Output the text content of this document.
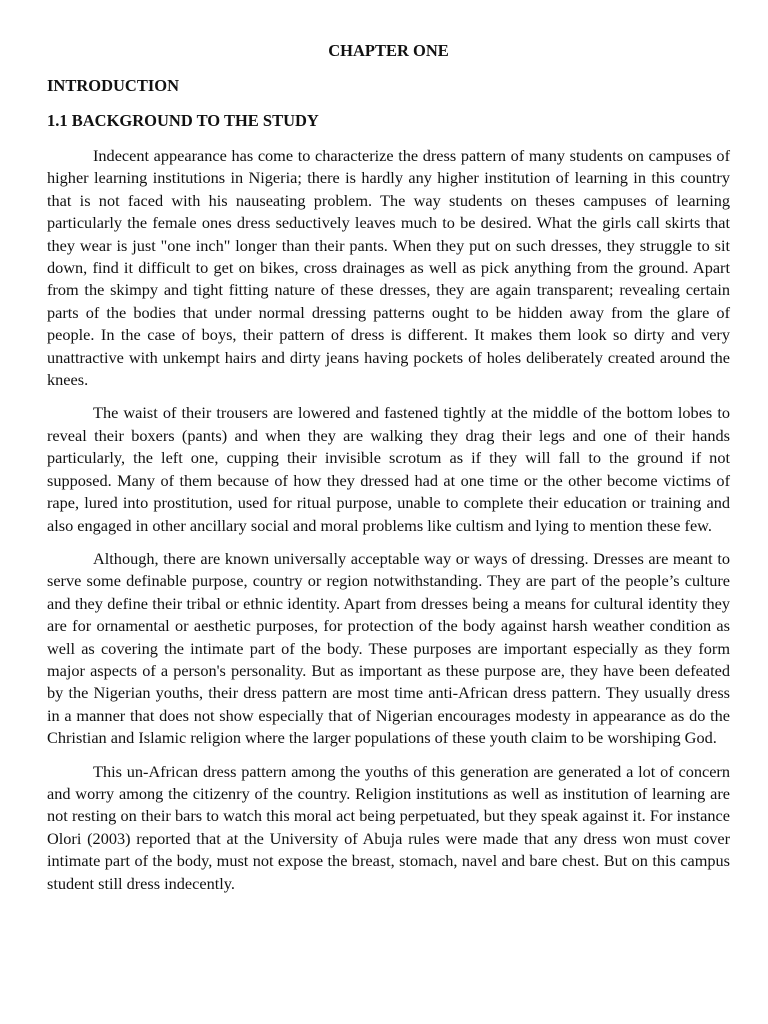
CHAPTER ONE
INTRODUCTION
1.1 BACKGROUND TO THE STUDY

Indecent appearance has come to characterize the dress pattern of many students on campuses of higher learning institutions in Nigeria; there is hardly any higher institution of learning in this country that is not faced with his nauseating problem. The way students on theses campuses of learning particularly the female ones dress seductively leaves much to be desired. What the girls call skirts that they wear is just "one inch" longer than their pants. When they put on such dresses, they struggle to sit down, find it difficult to get on bikes, cross drainages as well as pick anything from the ground. Apart from the skimpy and tight fitting nature of these dresses, they are again transparent; revealing certain parts of the bodies that under normal dressing patterns ought to be hidden away from the glare of people. In the case of boys, their pattern of dress is different. It makes them look so dirty and very unattractive with unkempt hairs and dirty jeans having pockets of holes deliberately created around the knees.

The waist of their trousers are lowered and fastened tightly at the middle of the bottom lobes to reveal their boxers (pants) and when they are walking they drag their legs and one of their hands particularly, the left one, cupping their invisible scrotum as if they will fall to the ground if not supposed. Many of them because of how they dressed had at one time or the other become victims of rape, lured into prostitution, used for ritual purpose, unable to complete their education or training and also engaged in other ancillary social and moral problems like cultism and lying to mention these few.

Although, there are known universally acceptable way or ways of dressing. Dresses are meant to serve some definable purpose, country or region notwithstanding. They are part of the people’s culture and they define their tribal or ethnic identity. Apart from dresses being a means for cultural identity they are for ornamental or aesthetic purposes, for protection of the body against harsh weather condition as well as covering the intimate part of the body. These purposes are important especially as they form major aspects of a person's personality. But as important as these purpose are, they have been defeated by the Nigerian youths, their dress pattern are most time anti-African dress pattern. They usually dress in a manner that does not show especially that of Nigerian encourages modesty in appearance as do the Christian and Islamic religion where the larger populations of these youth claim to be worshiping God.

This un-African dress pattern among the youths of this generation are generated a lot of concern and worry among the citizenry of the country. Religion institutions as well as institution of learning are not resting on their bars to watch this moral act being perpetuated, but they speak against it. For instance Olori (2003) reported that at the University of Abuja rules were made that any dress won must cover intimate part of the body, must not expose the breast, stomach, navel and bare chest. But on this campus student still dress indecently.
